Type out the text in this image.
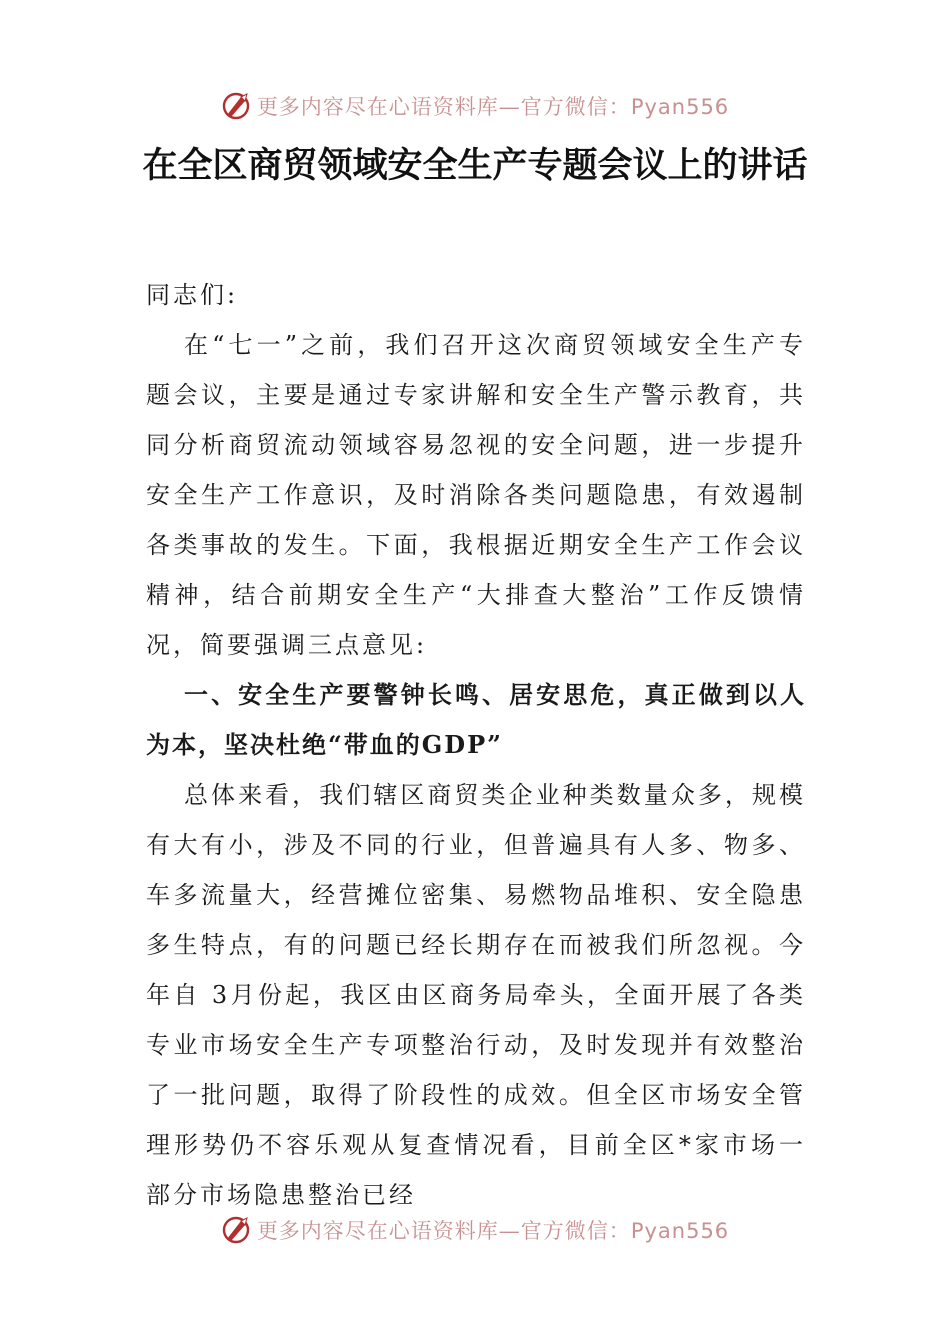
更多内容尽在心语资料库—官方微信：Pyan556
在全区商贸领域安全生产专题会议上的讲话

同志们:

在“七一”之前，我们召开这次商贸领域安全生产专题会议，主要是通过专家讲解和安全生产警示教育，共同分析商贸流动领域容易忽视的安全问题，进一步提升安全生产工作意识，及时消除各类问题隐患，有效遏制各类事故的发生。下面，我根据近期安全生产工作会议精神，结合前期安全生产“大排查大整治”工作反馈情况，简要强调三点意见:

一、安全生产要警钟长鸣、居安思危，真正做到以人为本，坚决杜绝“带血的GDP”

总体来看，我们辖区商贸类企业种类数量众多，规模有大有小，涉及不同的行业，但普遍具有人多、物多、车多流量大，经营摊位密集、易燃物品堆积、安全隐患多生特点，有的问题已经长期存在而被我们所忽视。今年自 3月份起，我区由区商务局牵头，全面开展了各类专业市场安全生产专项整治行动，及时发现并有效整治了一批问题，取得了阶段性的成效。但全区市场安全管理形势仍不容乐观从复查情况看，目前全区*家市场一部分市场隐患整治已经

更多内容尽在心语资料库—官方微信：Pyan556
